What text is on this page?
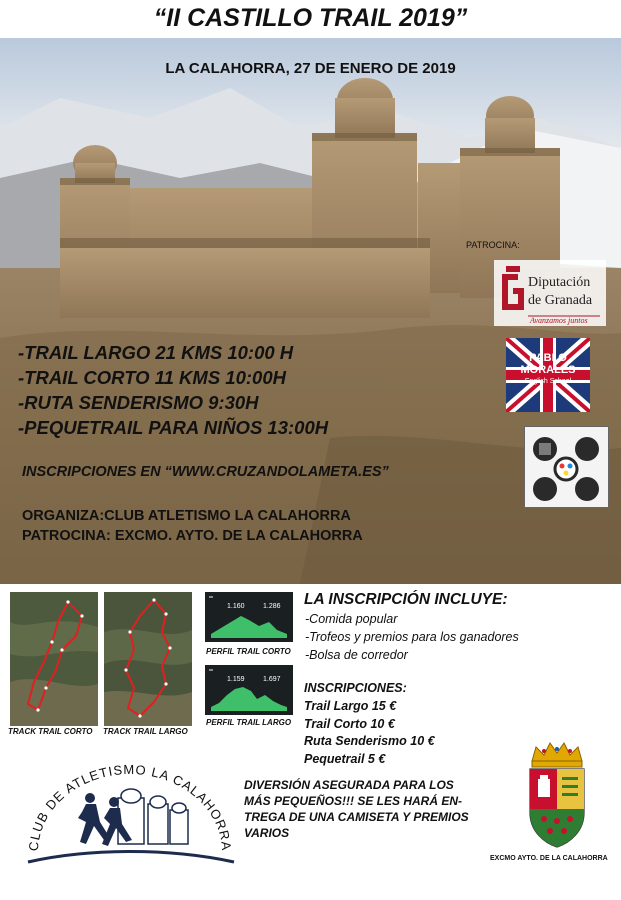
“II CASTILLO TRAIL 2019”
LA CALAHORRA, 27 DE ENERO DE 2019
PATROCINA:
Diputación
de Granada
Avanzamos juntos
PABLO
MORALES
English School
-TRAIL LARGO 21 KMS 10:00 H
-TRAIL CORTO 11 KMS 10:00H
-RUTA SENDERISMO 9:30H
-PEQUETRAIL PARA NIÑOS 13:00H
INSCRIPCIONES EN “WWW.CRUZANDOLAMETA.ES”
ORGANIZA:CLUB ATLETISMO LA CALAHORRA
PATROCINA: EXCMO. AYTO. DE LA CALAHORRA
TRACK TRAIL CORTO TRACK TRAIL LARGO
1.160	1.286
1.159	1.697
PERFIL TRAIL CORTO
PERFIL TRAIL LARGO
LA INSCRIPCIÓN INCLUYE:
-Comida popular
-Trofeos y premios para los ganadores
-Bolsa de corredor
INSCRIPCIONES:
Trail Largo 15 €
Trail Corto 10 €
Ruta Senderismo 10 €
Pequetrail 5 €
CLUB DE ATLETISMO LA CALAHORRA
DIVERSIÓN ASEGURADA PARA LOS
MÁS PEQUEÑOS!!! SE LES HARÁ EN-
TREGA DE UNA CAMISETA Y PREMIOS
VARIOS
EXCMO AYTO. DE LA CALAHORRA
